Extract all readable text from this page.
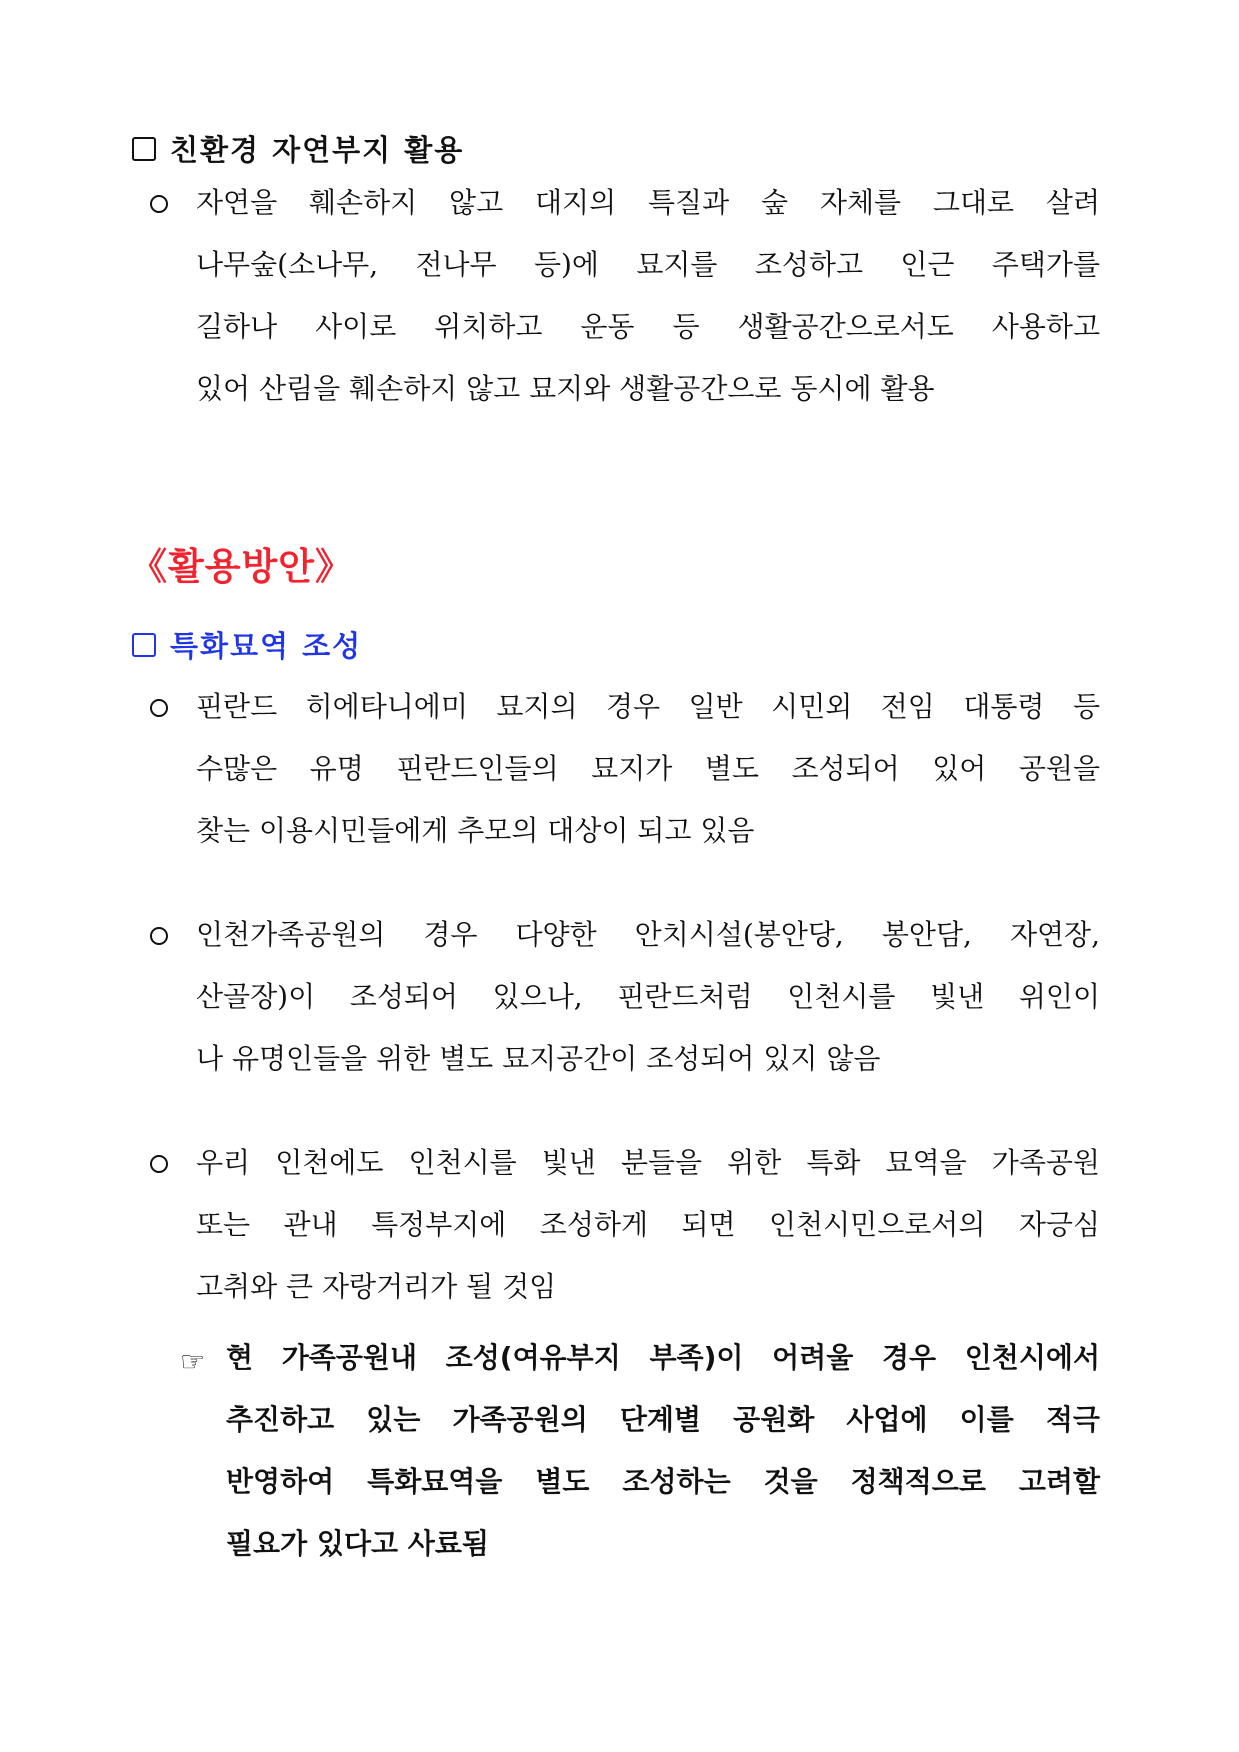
친환경 자연부지 활용
자연을 훼손하지 않고 대지의 특질과 숲 자체를 그대로 살려
나무숲(소나무, 전나무 등)에 묘지를 조성하고 인근 주택가를
길하나 사이로 위치하고 운동 등 생활공간으로서도 사용하고
있어 산림을 훼손하지 않고 묘지와 생활공간으로 동시에 활용
《활용방안》
특화묘역 조성
핀란드 히에타니에미 묘지의 경우 일반 시민외 전임 대통령 등
수많은 유명 핀란드인들의 묘지가 별도 조성되어 있어 공원을
찾는 이용시민들에게 추모의 대상이 되고 있음
인천가족공원의 경우 다양한 안치시설(봉안당, 봉안담, 자연장,
산골장)이 조성되어 있으나, 핀란드처럼 인천시를 빛낸 위인이
나 유명인들을 위한 별도 묘지공간이 조성되어 있지 않음
우리 인천에도 인천시를 빛낸 분들을 위한 특화 묘역을 가족공원
또는 관내 특정부지에 조성하게 되면 인천시민으로서의 자긍심
고취와 큰 자랑거리가 될 것임
☞ 현 가족공원내 조성(여유부지 부족)이 어려울 경우 인천시에서
추진하고 있는 가족공원의 단계별 공원화 사업에 이를 적극
반영하여 특화묘역을 별도 조성하는 것을 정책적으로 고려할
필요가 있다고 사료됨
